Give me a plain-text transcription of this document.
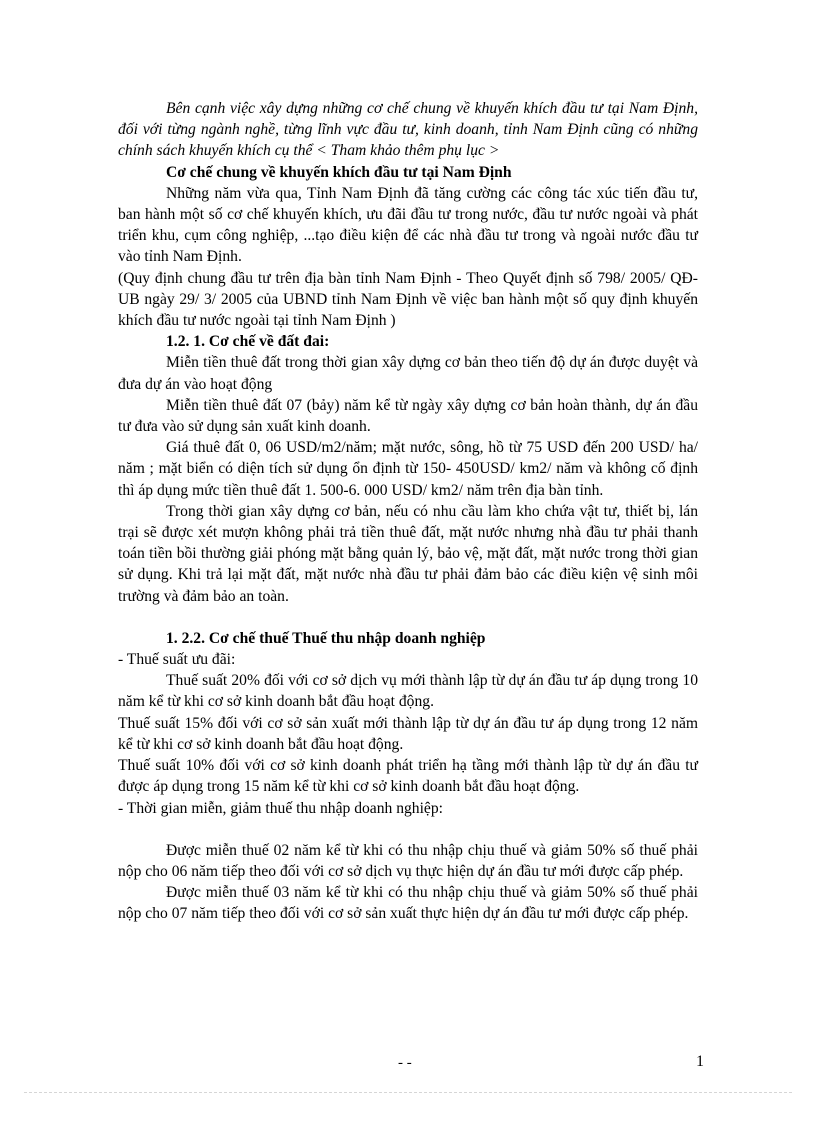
Bên cạnh việc xây dựng những cơ chế chung về khuyến khích đầu tư tại Nam Định, đối với từng ngành nghề, từng lĩnh vực đầu tư, kinh doanh, tỉnh Nam Định cũng có những chính sách khuyến khích cụ thể < Tham khảo thêm phụ lục >

Cơ chế chung về khuyến khích đầu tư tại Nam Định

Những năm vừa qua, Tỉnh Nam Định đã tăng cường các công tác xúc tiến đầu tư, ban hành một số cơ chế khuyến khích, ưu đãi đầu tư trong nước, đầu tư nước ngoài và phát triển khu, cụm công nghiệp, ...tạo điều kiện để các nhà đầu tư trong và ngoài nước đầu tư vào tỉnh Nam Định.

(Quy định chung đầu tư trên địa bàn tỉnh Nam Định - Theo Quyết định số 798/ 2005/ QĐ-UB ngày 29/ 3/ 2005 của UBND tỉnh Nam Định về việc ban hành một số quy định khuyến khích đầu tư nước ngoài tại tỉnh Nam Định )

1.2. 1. Cơ chế về đất đai:

Miễn tiền thuê đất trong thời gian xây dựng cơ bản theo tiến độ dự án được duyệt và đưa dự án vào hoạt động

Miễn tiền thuê đất 07 (bảy) năm kể từ ngày xây dựng cơ bản hoàn thành, dự án đầu tư đưa vào sử dụng sản xuất kinh doanh.

Giá thuê đất 0, 06 USD/m2/năm; mặt nước, sông, hồ từ 75 USD đến 200 USD/ ha/ năm ; mặt biển có diện tích sử dụng ổn định từ 150- 450USD/ km2/ năm và không cố định thì áp dụng mức tiền thuê đất 1. 500-6. 000 USD/ km2/ năm trên địa bàn tỉnh.

Trong thời gian xây dựng cơ bản, nếu có nhu cầu làm kho chứa vật tư, thiết bị, lán trại sẽ được xét mượn không phải trả tiền thuê đất, mặt nước nhưng nhà đầu tư phải thanh toán tiền bồi thường giải phóng mặt bằng quản lý, bảo vệ, mặt đất, mặt nước trong thời gian sử dụng. Khi trả lại mặt đất, mặt nước nhà đầu tư phải đảm bảo các điều kiện vệ sinh môi trường và đảm bảo an toàn.

1. 2.2. Cơ chế thuế Thuế thu nhập doanh nghiệp

- Thuế suất ưu đãi:

Thuế suất 20% đối với cơ sở dịch vụ mới thành lập từ dự án đầu tư áp dụng trong 10 năm kể từ khi cơ sở kinh doanh bắt đầu hoạt động.

Thuế suất 15% đối với cơ sở sản xuất mới thành lập từ dự án đầu tư áp dụng trong 12 năm kể từ khi cơ sở kinh doanh bắt đầu hoạt động.

Thuế suất 10% đối với cơ sở kinh doanh phát triển hạ tầng mới thành lập từ dự án đầu tư được áp dụng trong 15 năm kể từ khi cơ sở kinh doanh bắt đầu hoạt động.

- Thời gian miễn, giảm thuế thu nhập doanh nghiệp:

Được miễn thuế 02 năm kể từ khi có thu nhập chịu thuế và giảm 50% số thuế phải nộp cho 06 năm tiếp theo đối với cơ sở dịch vụ thực hiện dự án đầu tư mới được cấp phép.

Được miễn thuế 03 năm kể từ khi có thu nhập chịu thuế và giảm 50% số thuế phải nộp cho 07 năm tiếp theo đối với cơ sở sản xuất thực hiện dự án đầu tư mới được cấp phép.

- -	1
